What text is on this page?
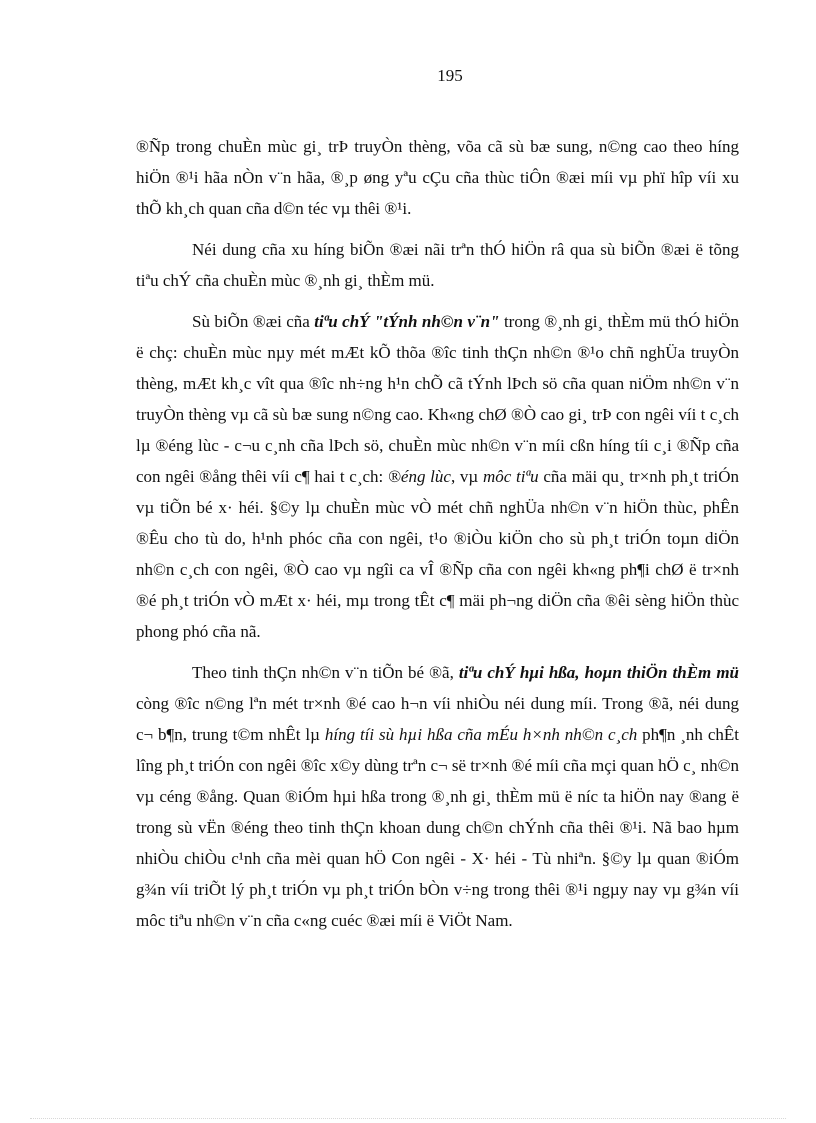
195

®Ñp trong chuÈn mùc gi¸ trÞ truyÒn thèng, võa cã sù bæ sung, n©ng cao theo híng hiÖn ®¹i hãa nÒn v¨n hãa, ®¸p øng yªu cÇu cña thùc tiÔn ®æi míi vµ phï hîp víi xu thÕ kh¸ch quan cña d©n téc vµ thêi ®¹i.

Néi dung cña xu híng biÕn ®æi nãi trªn thÓ hiÖn râ qua sù biÕn ®æi ë tõng tiªu chÝ cña chuÈn mùc ®¸nh gi¸ thÈm mü.

Sù biÕn ®æi cña tiªu chÝ "tÝnh nh©n v¨n" trong ®¸nh gi¸ thÈm mü thÓ hiÖn ë chç: chuÈn mùc nµy mét mÆt kÕ thõa ®îc tinh thÇn nh©n ®¹o chñ nghÜa truyÒn thèng, mÆt kh¸c vît qua ®îc nh÷ng h¹n chÕ cã tÝnh lÞch sö cña quan niÖm nh©n v¨n truyÒn thèng vµ cã sù bæ sung n©ng cao. Kh«ng chØ ®Ò cao gi¸ trÞ con ngêi víi t c¸ch lµ ®éng lùc - c¬u c¸nh cña lÞch sö, chuÈn mùc nh©n v¨n míi cßn híng tíi c¸i ®Ñp cña con ngêi ®ång thêi víi c¶ hai t c¸ch: ®éng lùc, vµ môc tiªu cña mäi qu¸ tr×nh ph¸t triÓn vµ tiÕn bé x· héi. §©y lµ chuÈn mùc vÒ mét chñ nghÜa nh©n v¨n hiÖn thùc, phÊn ®Êu cho tù do, h¹nh phóc cña con ngêi, t¹o ®iÒu kiÖn cho sù ph¸t triÓn toµn diÖn nh©n c¸ch con ngêi, ®Ò cao vµ ngîi ca vÎ ®Ñp cña con ngêi kh«ng ph¶i chØ ë tr×nh ®é ph¸t triÓn vÒ mÆt x· héi, mµ trong tÊt c¶ mäi ph¬ng diÖn cña ®êi sèng hiÖn thùc phong phó cña nã.

Theo tinh thÇn nh©n v¨n tiÕn bé ®ã, tiªu chÝ hµi hßa, hoµn thiÖn thÈm mü còng ®îc n©ng lªn mét tr×nh ®é cao h¬n víi nhiÒu néi dung míi. Trong ®ã, néi dung c¬ b¶n, trung t©m nhÊt lµ híng tíi sù hµi hßa cña mÉu h×nh nh©n c¸ch ph¶n ¸nh chÊt lîng ph¸t triÓn con ngêi ®îc x©y dùng trªn c¬ së tr×nh ®é míi cña mçi quan hÖ c¸ nh©n vµ céng ®ång. Quan ®iÓm hµi hßa trong ®¸nh gi¸ thÈm mü ë níc ta hiÖn nay ®ang ë trong sù vËn ®éng theo tinh thÇn khoan dung ch©n chÝnh cña thêi ®¹i. Nã bao hµm nhiÒu chiÒu c¹nh cña mèi quan hÖ Con ngêi - X· héi - Tù nhiªn. §©y lµ quan ®iÓm g¾n víi triÕt lý ph¸t triÓn vµ ph¸t triÓn bÒn v÷ng trong thêi ®¹i ngµy nay vµ g¾n víi môc tiªu nh©n v¨n cña c«ng cuéc ®æi míi ë ViÖt Nam.
